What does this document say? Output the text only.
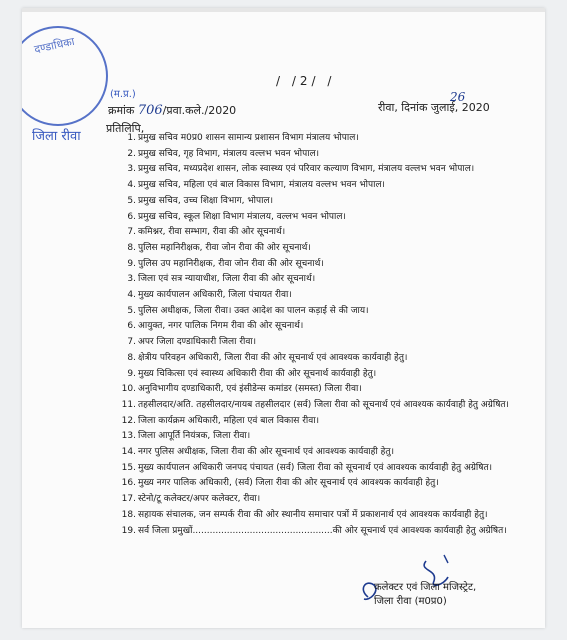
दण्डाधिका
(म.प्र.)
जिला रीवा
/ /2/ /
क्रमांक 706/प्रवा.कले./2020	रीवा, दिनांक जुलाई, 2020
26
प्रतिलिपि,
1. प्रमुख सचिव म0प्र0 शासन सामान्य प्रशासन विभाग मंत्रालय भोपाल।
2. प्रमुख सचिव, गृह विभाग, मंत्रालय वल्लभ भवन भोपाल।
3. प्रमुख सचिव, मध्यप्रदेश शासन, लोक स्वास्थ्य एवं परिवार कल्याण विभाग, मंत्रालय वल्लभ भवन भोपाल।
4. प्रमुख सचिव, महिला एवं बाल विकास विभाग, मंत्रालय वल्लभ भवन भोपाल।
5. प्रमुख सचिव, उच्च शिक्षा विभाग, भोपाल।
6. प्रमुख सचिव, स्कूल शिक्षा विभाग मंत्रालय, वल्लभ भवन भोपाल।
7. कमिश्नर, रीवा सम्भाग, रीवा की ओर सूचनार्थ।
8. पुलिस महानिरीक्षक, रीवा जोन रीवा की ओर सूचनार्थ।
9. पुलिस उप महानिरीक्षक, रीवा जोन रीवा की ओर सूचनार्थ।
3. जिला एवं सत्र न्यायाधीश, जिला रीवा की ओर सूचनार्थ।
4. मुख्य कार्यपालन अधिकारी, जिला पंचायत रीवा।
5. पुलिस अधीक्षक, जिला रीवा। उक्त आदेश का पालन कड़ाई से की जाय।
6. आयुक्त, नगर पालिक निगम रीवा की ओर सूचनार्थ।
7. अपर जिला दण्डाधिकारी जिला रीवा।
8. क्षेत्रीय परिवहन अधिकारी, जिला रीवा की ओर सूचनार्थ एवं आवश्यक कार्यवाही हेतु।
9. मुख्य चिकित्सा एवं स्वास्थ्य अधिकारी रीवा की ओर सूचनार्थ कार्यवाही हेतु।
10. अनुविभागीय दण्डाधिकारी, एवं इंसीडेन्स कमांडर (समस्त) जिला रीवा।
11. तहसीलदार/अति. तहसीलदार/नायब तहसीलदार (सर्व) जिला रीवा को सूचनार्थ एवं आवश्यक कार्यवाही हेतु अग्रेषित।
12. जिला कार्यक्रम अधिकारी, महिला एवं बाल विकास रीवा।
13. जिला आपूर्ति नियंत्रक, जिला रीवा।
14. नगर पुलिस अधीक्षक, जिला रीवा की ओर सूचनार्थ एवं आवश्यक कार्यवाही हेतु।
15. मुख्य कार्यपालन अधिकारी जनपद पंचायत (सर्व) जिला रीवा को सूचनार्थ एवं आवश्यक कार्यवाही हेतु अग्रेषित।
16. मुख्य नगर पालिक अधिकारी, (सर्व) जिला रीवा की ओर सूचनार्थ एवं आवश्यक कार्यवाही हेतु।
17. स्टेनो/टू कलेक्टर/अपर कलेक्टर, रीवा।
18. सहायक संचालक, जन सम्पर्क रीवा की ओर स्थानीय समाचार पत्रों में प्रकाशनार्थ एवं आवश्यक कार्यवाही हेतु।
19. सर्व जिला प्रमुखों.................................................की ओर सूचनार्थ एवं आवश्यक कार्यवाही हेतु अग्रेषित।
कलेक्टर एवं जिला मजिस्ट्रेट,
जिला रीवा (म0प्र0)
